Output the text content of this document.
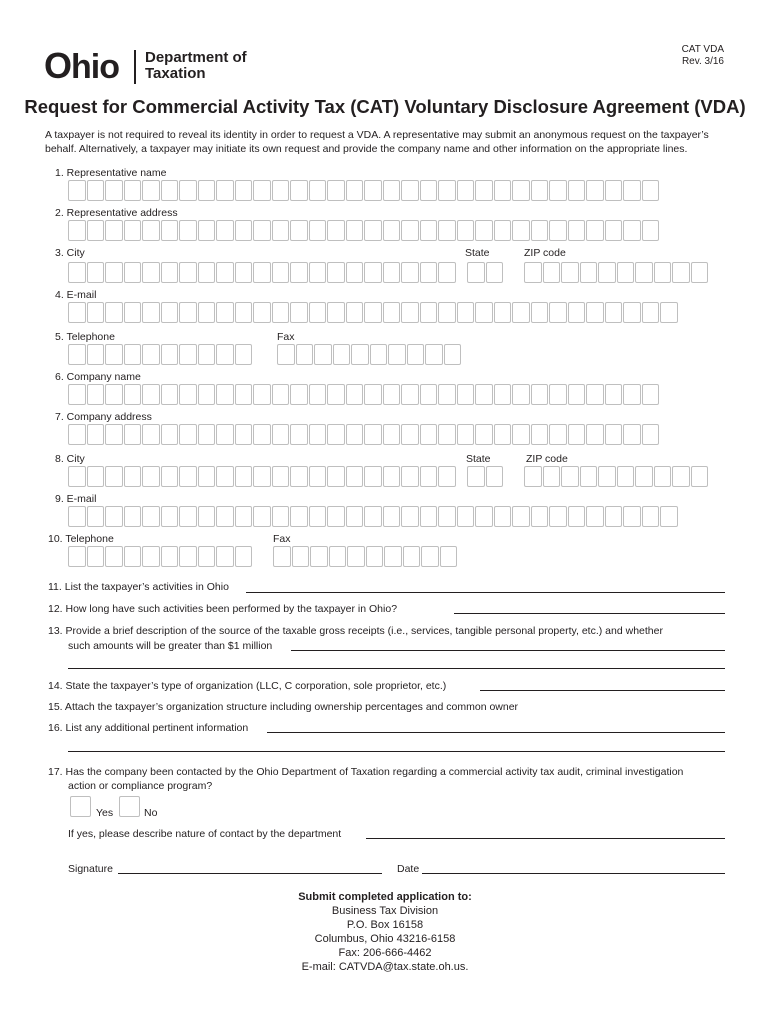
Ohio Department of
Taxation
CAT VDA
Rev. 3/16
Request for Commercial Activity Tax (CAT) Voluntary Disclosure Agreement (VDA)
A taxpayer is not required to reveal its identity in order to request a VDA. A representative may submit an anonymous request on the taxpayer’s behalf. Alternatively, a taxpayer may initiate its own request and provide the company name and other information on the appropriate lines.
1. Representative name
2. Representative address
3. City	State	ZIP code
4. E-mail
5. Telephone	Fax
6. Company name
7. Company address
8. City	State	ZIP code
9. E-mail
10. Telephone	Fax
11. List the taxpayer’s activities in Ohio
12. How long have such activities been performed by the taxpayer in Ohio?
13. Provide a brief description of the source of the taxable gross receipts (i.e., services, tangible personal property, etc.) and whether
such amounts will be greater than $1 million
14. State the taxpayer’s type of organization (LLC, C corporation, sole proprietor, etc.)
15. Attach the taxpayer’s organization structure including ownership percentages and common owner
16. List any additional pertinent information
17. Has the company been contacted by the Ohio Department of Taxation regarding a commercial activity tax audit, criminal investigation
action or compliance program?
Yes	No
If yes, please describe nature of contact by the department
Signature	Date
Submit completed application to:
Business Tax Division
P.O. Box 16158
Columbus, Ohio 43216-6158
Fax: 206-666-4462
E-mail: CATVDA@tax.state.oh.us.
